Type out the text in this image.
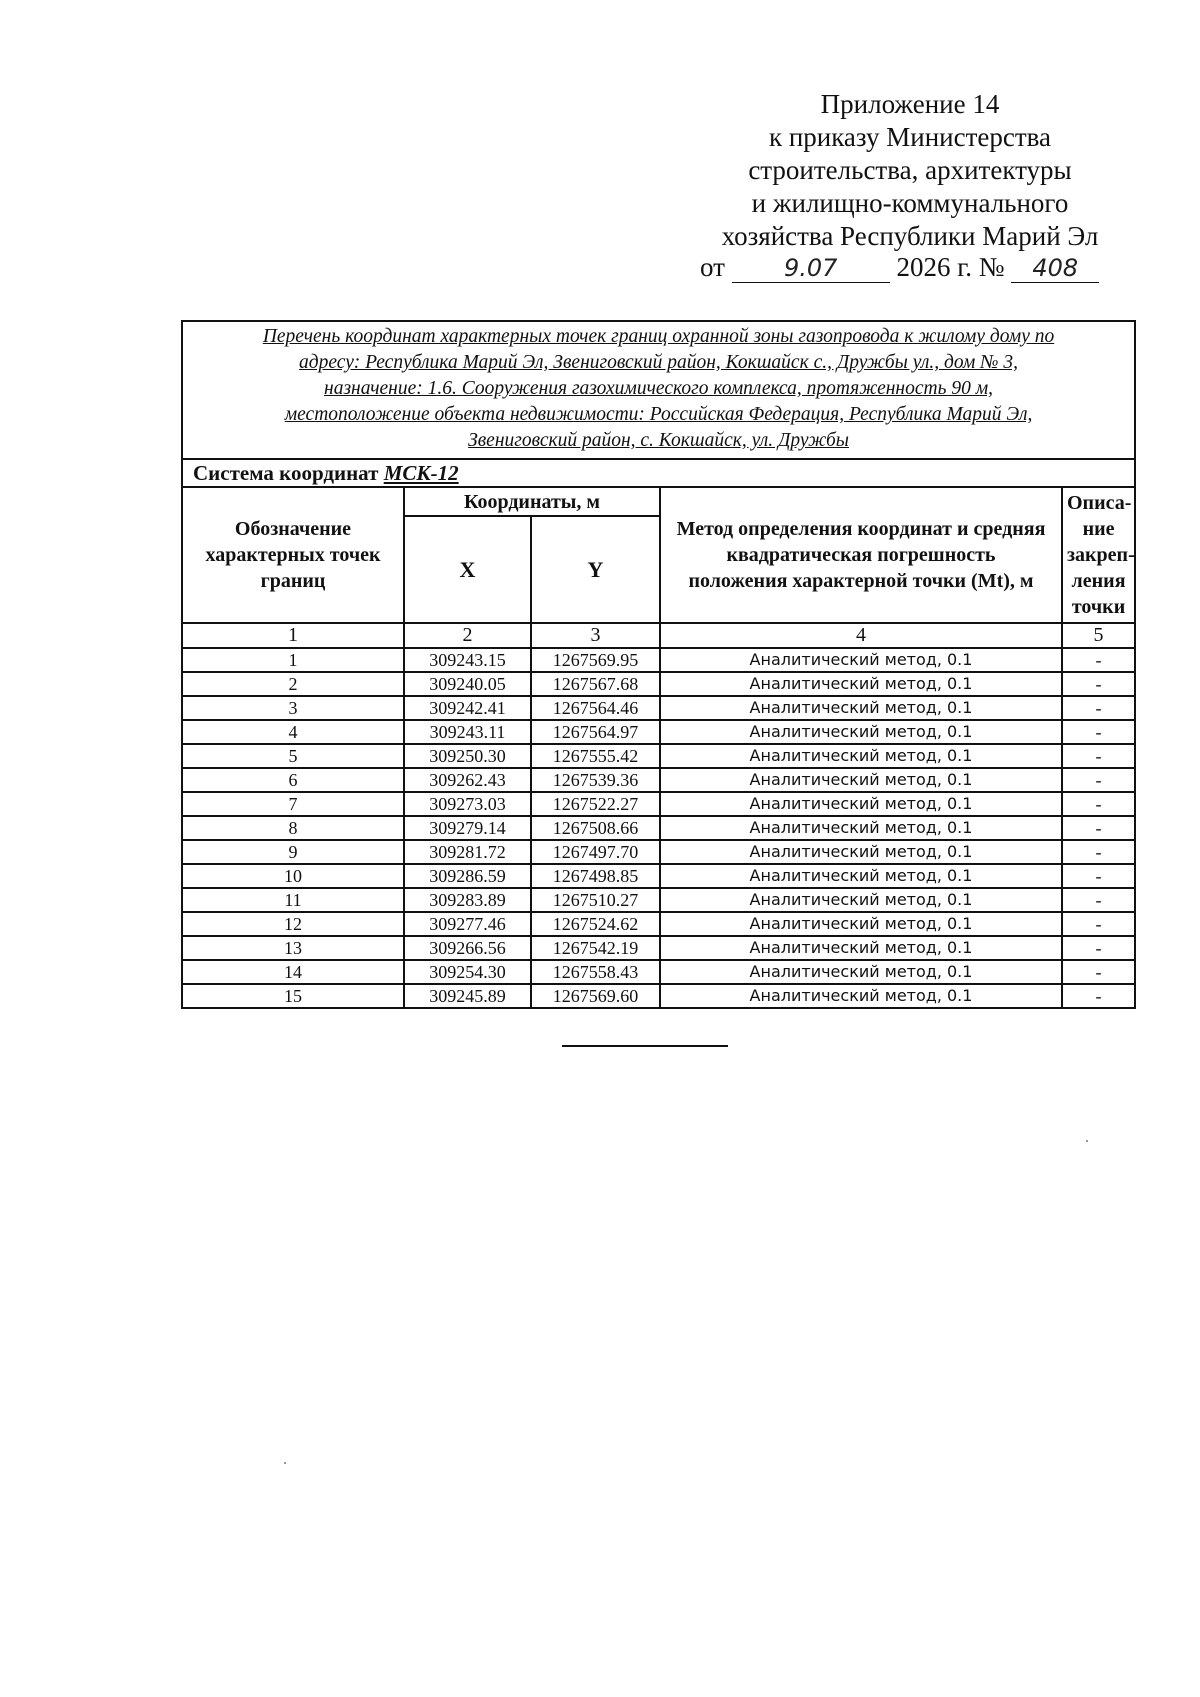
Приложение 14
к приказу Министерства
строительства, архитектуры
и жилищно-коммунального
хозяйства Республики Марий Эл
от 9.07 2026 г. № 408
Перечень координат характерных точек границ охранной зоны газопровода к жилому дому по
адресу: Республика Марий Эл, Звениговский район, Кокшайск с., Дружбы ул., дом № 3,
назначение: 1.6. Сооружения газохимического комплекса, протяженность 90 м,
местоположение объекта недвижимости: Российская Федерация, Республика Марий Эл,
Звениговский район, с. Кокшайск, ул. Дружбы				

Система координат МСК-12				
Обозначение характерных точек границ	Координаты, м		Метод определения координат и средняя квадратическая погрешность положения характерной точки (Mt), м	Описа- ние закреп- ления точки
	X	Y		
1	2	3	4	5
1	309243.15	1267569.95	Аналитический метод, 0.1	-
2	309240.05	1267567.68	Аналитический метод, 0.1	-
3	309242.41	1267564.46	Аналитический метод, 0.1	-
4	309243.11	1267564.97	Аналитический метод, 0.1	-
5	309250.30	1267555.42	Аналитический метод, 0.1	-
6	309262.43	1267539.36	Аналитический метод, 0.1	-
7	309273.03	1267522.27	Аналитический метод, 0.1	-
8	309279.14	1267508.66	Аналитический метод, 0.1	-
9	309281.72	1267497.70	Аналитический метод, 0.1	-
10	309286.59	1267498.85	Аналитический метод, 0.1	-
11	309283.89	1267510.27	Аналитический метод, 0.1	-
12	309277.46	1267524.62	Аналитический метод, 0.1	-
13	309266.56	1267542.19	Аналитический метод, 0.1	-
14	309254.30	1267558.43	Аналитический метод, 0.1	-
15	309245.89	1267569.60	Аналитический метод, 0.1	-
